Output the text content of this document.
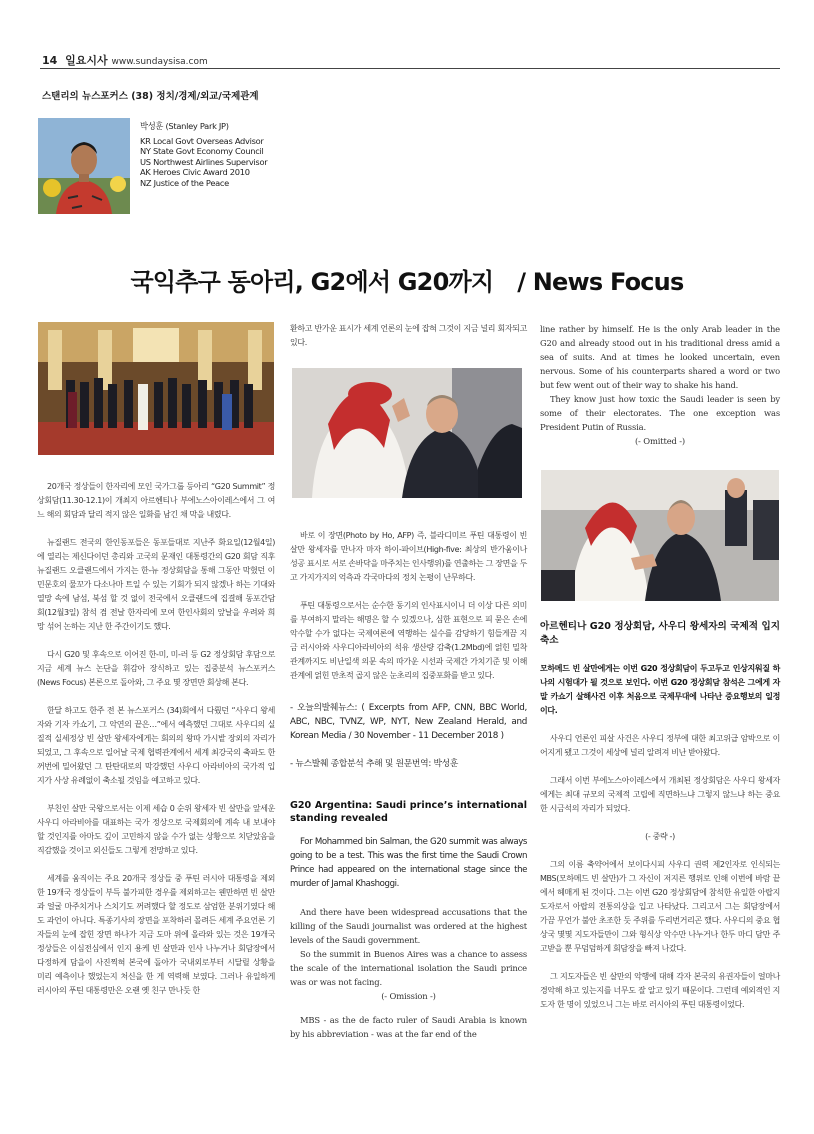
14 일요시사 www.sundaysisa.com
스탠리의 뉴스포커스 (38) 정치/경제/외교/국제관계
박성훈 (Stanley Park JP)
KR Local Govt Overseas Advisor
NY State Govt Economy Council
US Northwest Airlines Supervisor
AK Heroes Civic Award 2010
NZ Justice of the Peace
국익추구 동아리, G2에서 G20까지 / News Focus

20개국 정상들이 한자리에 모인 국가그룹 등아리 “G20 Summit” 정상회담(11.30-12.1)이 개최지 아르헨티나 부에노스아이레스에서 그 여느 해의 회담과 달리 적지 않은 일화를 남긴 채 막을 내렸다.

뉴질랜드 전국의 한인동포들은 동포들대로 지난주 화요일(12월4일)에 열리는 제신다이던 총리와 고국의 문재인 대통령간의 G20 회담 직후 뉴질랜드 오클랜드에서 가지는 한-뉴 정상회담을 통해 그동안 막혔던 이민문호의 물꼬가 다소나마 트일 수 있는 기회가 되지 않겠나 하는 기대와 열망 속에 남섬, 북섬 할 것 없이 전국에서 오클랜드에 집결해 동포간담회(12월3일) 참석 겸 전날 한자리에 모여 한인사회의 앞날을 우려와 희망 섞어 논하는 지난 한 주간이기도 했다.

다시 G20 및 후속으로 이어진 한-미, 미-러 등 G2 정상회담 후담으로 지금 세계 뉴스 논단을 휘감아 장식하고 있는 집중분석 뉴스포커스(News Focus) 본론으로 돌아와, 그 주요 몇 장면만 회상해 본다.

한달 하고도 한주 전 본 뉴스포커스 (34)회에서 다뤘던 “사우디 왕세자와 기자 카쇼기, 그 악연의 끝은…”에서 예측했던 그대로 사우디의 실질적 실세정상 빈 살만 왕세자에게는 회의의 왕따 가시밭 장외의 자리가 되었고, 그 후속으로 일어날 국제 협력관계에서 세계 최강국의 축파도 한꺼번에 밀어왔던 그 탄탄대로의 막강했던 사우디 아라비아의 국가적 입지가 사상 유례없이 축소될 것임을 예고하고 있다.

부친인 살만 국왕으로서는 이제 세습 0 순위 왕세자 빈 살만을 앞세운 사우디 아라비아를 대표하는 국가 정상으로 국제회의에 계속 내 보내야 할 것인지를 아마도 깊이 고민하지 않을 수가 없는 상황으로 치닫았음을 직감했을 것이고 외신들도 그렇게 전망하고 있다.

세계를 움직이는 주요 20개국 정상들 중 푸틴 러시아 대통령을 제외한 19개국 정상들이 부득 불가피한 경우를 제외하고는 웬만하면 빈 살만과 얼굴 마주치거나 스치기도 꺼려했다 할 정도로 삼엄한 분위기였다 해도 과언이 아니다. 특종기사의 장면을 포착하러 몰려든 세계 주요언론 기자들의 눈에 잡힌 장면 하나가 지금 도마 위에 올라와 있는 것은 19개국 정상들은 이심전심에서 인지 용케 빈 살만과 인사 나누거나 회담장에서 다정하게 담을이 사진찍혀 본국에 돌아가 국내외로부터 시달릴 상황을 미리 예측이나 했었는지 처신을 한 게 역력해 보였다. 그러나 유일하게 러시아의 푸틴 대통령만은 오랜 옛 친구 만나듯 한

환하고 반가운 표시가 세계 언론의 눈에 잡혀 그것이 지금 널리 회자되고 있다.

바로 이 장면(Photo by Ho, AFP) 즉, 블라디미르 푸틴 대통령이 빈 살만 왕세자를 만나자 마자 하이-파이브(High-five: 최상의 반가움이나 성공 표시로 서로 손바닥을 마주치는 인사행위)를 연출하는 그 장면을 두고 가지가지의 억측과 각국마다의 정치 논평이 난무하다.

푸틴 대통령으로서는 순수한 동기의 인사표시이니 더 이상 다른 의미를 부여하지 말라는 해명은 할 수 있겠으나, 심한 표현으로 피 묻은 손에 악수할 수가 없다는 국제여론에 역행하는 실수를 감당하기 힘들게끔 지금 러시아와 사우디아라비아의 석유 생산량 감축(1.2Mbd)에 얽힌 밀착관계까지도 비난일색 의문 속의 따가운 시선과 국제간 가치기준 및 이해관계에 얽힌 만초적 곱지 않은 눈초리의 집중포화를 받고 있다.

- 오늘의발췌뉴스: ( Excerpts from AFP, CNN, BBC World, ABC, NBC, TVNZ, WP, NYT, New Zealand Herald, and Korean Media / 30 November - 11 December 2018 )

- 뉴스발췌 종합분석 추해 및 원문번역: 박성훈

G20 Argentina: Saudi prince’s international standing revealed

For Mohammed bin Salman, the G20 summit was always going to be a test. This was the first time the Saudi Crown Prince had appeared on the international stage since the murder of Jamal Khashoggi.

And there have been widespread accusations that the killing of the Saudi journalist was ordered at the highest levels of the Saudi government.

So the summit in Buenos Aires was a chance to assess the scale of the international isolation the Saudi prince was or was not facing.

(- Omission -)

MBS - as the de facto ruler of Saudi Arabia is known by his abbreviation - was at the far end of the

line rather by himself. He is the only Arab leader in the G20 and already stood out in his traditional dress amid a sea of suits. And at times he looked uncertain, even nervous. Some of his counterparts shared a word or two but few went out of their way to shake his hand.

They know just how toxic the Saudi leader is seen by some of their electorates. The one exception was President Putin of Russia.

(- Omitted -)

아르헨티나 G20 정상회담, 사우디 왕세자의 국제적 입지 축소

모하메드 빈 살만에게는 이번 G20 정상회담이 두고두고 인상지워질 하나의 시험대가 될 것으로 보인다. 이번 G20 정상회담 참석은 그에게 자말 카쇼기 살해사건 이후 처음으로 국제무대에 나타난 중요행보의 일정이다.

사우디 언론인 피살 사건은 사우디 정부에 대한 최고위급 암박으로 이어지게 됐고 그것이 세상에 널리 알려져 비난 받아왔다.

그래서 이번 부에노스아이레스에서 개최된 정상회담은 사우디 왕세자에게는 최대 규모의 국제적 고립에 직면하느냐 그렇지 않느냐 하는 중요한 시금석의 자리가 되었다.

(- 중략 -)

그의 이름 축약어에서 보이다시피 사우디 권력 제2인자로 인식되는 MBS(모하메드 빈 살만)가 그 자신이 저지른 행위로 인해 이번에 바람 끝에서 헤매게 된 것이다. 그는 이번 G20 정상회담에 참석한 유일한 아랍지도자로서 아랍의 전통의상을 입고 나타났다. 그리고서 그는 회담장에서 가끔 무언가 불안 초조한 듯 주위를 두리번거리곤 했다. 사우디의 중요 협상국 몇몇 지도자들만이 그와 형식상 악수만 나누거나 한두 마디 담만 주고받을 뿐 무덤덤하게 회담장을 빠져 나갔다.

그 지도자들은 빈 살만의 악행에 대해 각자 본국의 유권자들이 얼마나 경악해 하고 있는지를 너무도 잘 알고 있기 때문이다. 그런데 예외적인 지도자 한 명이 있었으니 그는 바로 러시아의 푸틴 대통령이었다.
